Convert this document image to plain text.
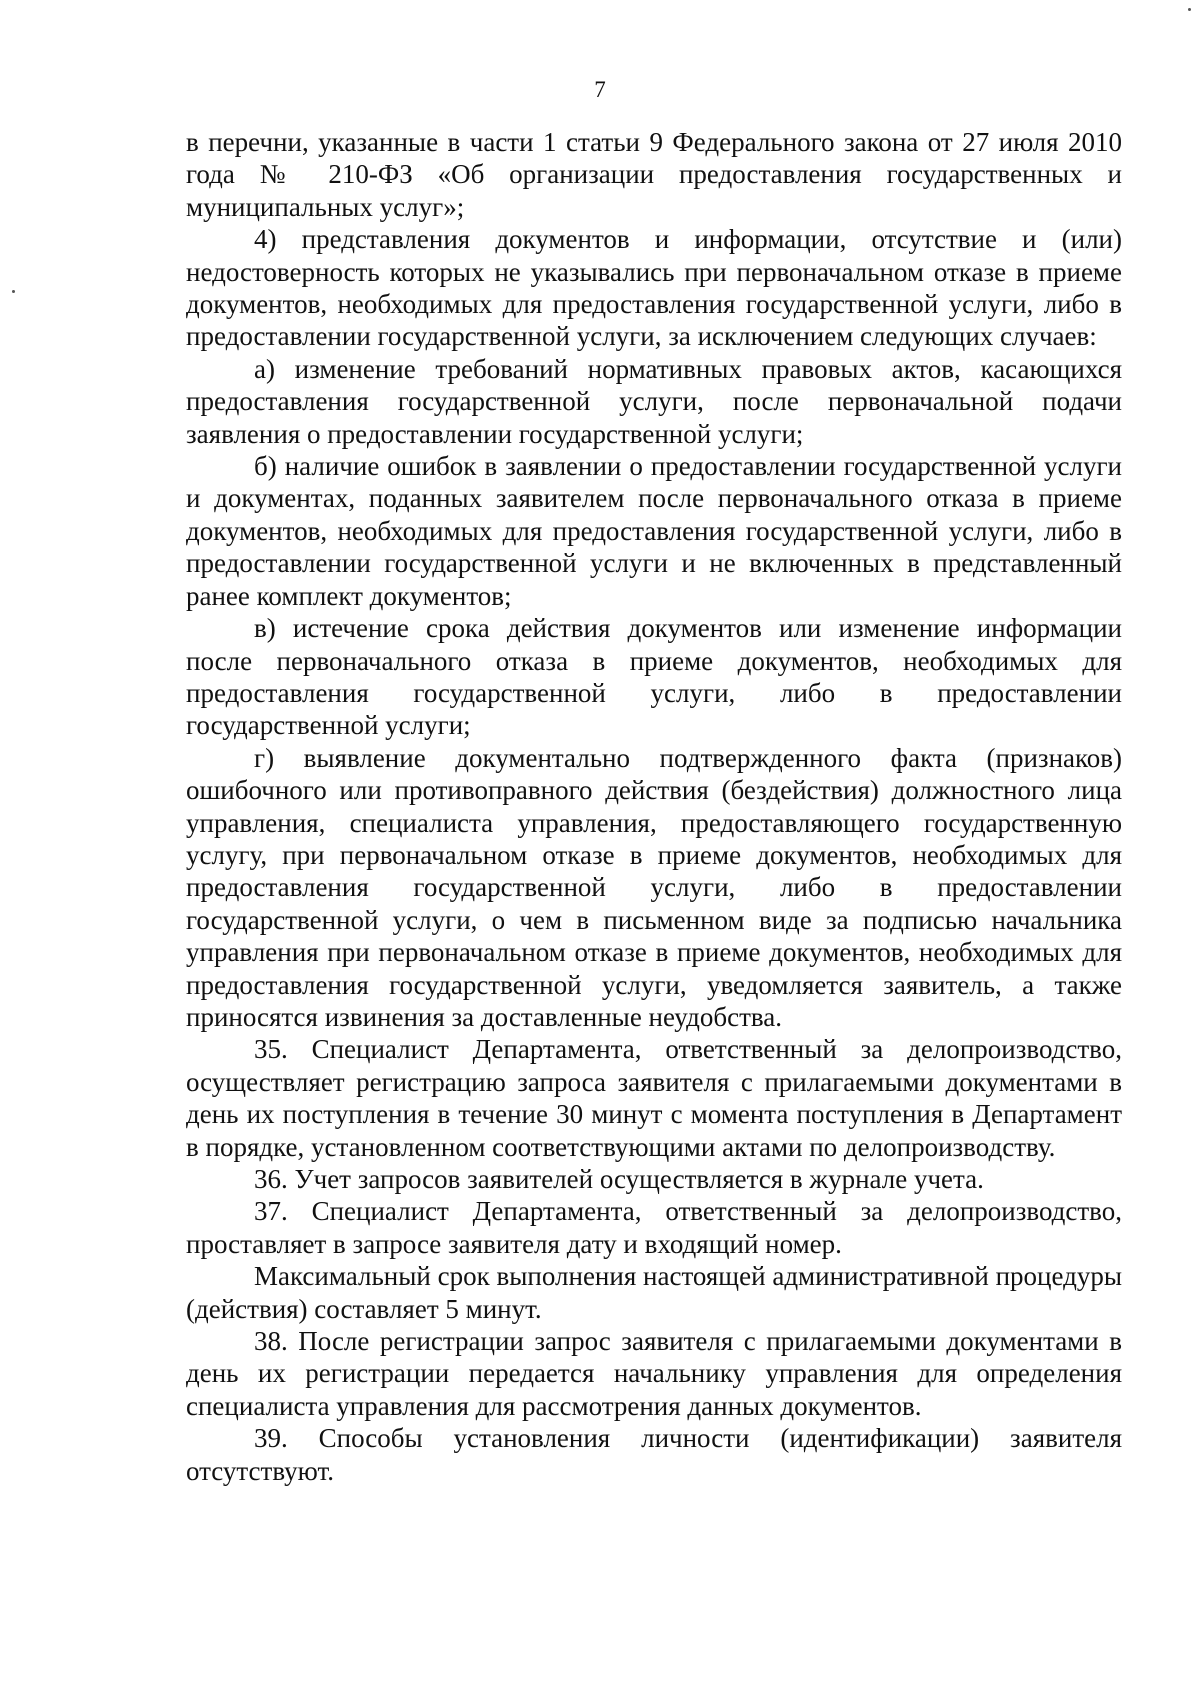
7

в перечни, указанные в части 1 статьи 9 Федерального закона от 27 июля 2010 года № 210-ФЗ «Об организации предоставления государственных и муниципальных услуг»;

4) представления документов и информации, отсутствие и (или) недостоверность которых не указывались при первоначальном отказе в приеме документов, необходимых для предоставления государственной услуги, либо в предоставлении государственной услуги, за исключением следующих случаев:

а) изменение требований нормативных правовых актов, касающихся предоставления государственной услуги, после первоначальной подачи заявления о предоставлении государственной услуги;

б) наличие ошибок в заявлении о предоставлении государственной услуги и документах, поданных заявителем после первоначального отказа в приеме документов, необходимых для предоставления государственной услуги, либо в предоставлении государственной услуги и не включенных в представленный ранее комплект документов;

в) истечение срока действия документов или изменение информации после первоначального отказа в приеме документов, необходимых для предоставления государственной услуги, либо в предоставлении государственной услуги;

г) выявление документально подтвержденного факта (признаков) ошибочного или противоправного действия (бездействия) должностного лица управления, специалиста управления, предоставляющего государственную услугу, при первоначальном отказе в приеме документов, необходимых для предоставления государственной услуги, либо в предоставлении государственной услуги, о чем в письменном виде за подписью начальника управления при первоначальном отказе в приеме документов, необходимых для предоставления государственной услуги, уведомляется заявитель, а также приносятся извинения за доставленные неудобства.

35. Специалист Департамента, ответственный за делопроизводство, осуществляет регистрацию запроса заявителя с прилагаемыми документами в день их поступления в течение 30 минут с момента поступления в Департамент в порядке, установленном соответствующими актами по делопроизводству.

36. Учет запросов заявителей осуществляется в журнале учета.

37. Специалист Департамента, ответственный за делопроизводство, проставляет в запросе заявителя дату и входящий номер.

Максимальный срок выполнения настоящей административной процедуры (действия) составляет 5 минут.

38. После регистрации запрос заявителя с прилагаемыми документами в день их регистрации передается начальнику управления для определения специалиста управления для рассмотрения данных документов.

39. Способы установления личности (идентификации) заявителя отсутствуют.
